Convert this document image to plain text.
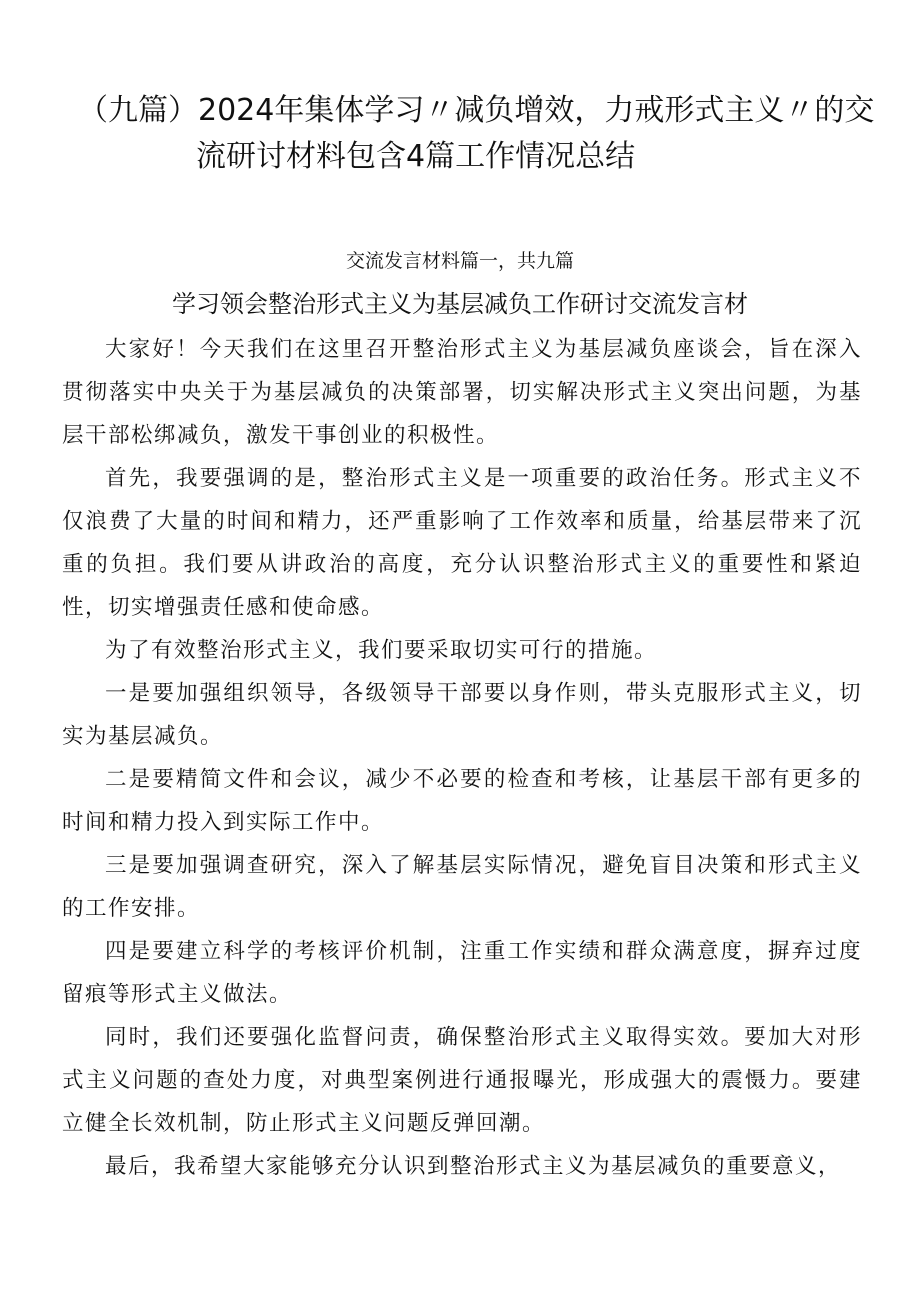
（九篇）2024年集体学习〃减负增效，力戒形式主义〃的交
流研讨材料包含4篇工作情况总结
交流发言材料篇一，共九篇
学习领会整治形式主义为基层减负工作研讨交流发言材

大家好！今天我们在这里召开整治形式主义为基层减负座谈会，旨在深入贯彻落实中央关于为基层减负的决策部署，切实解决形式主义突出问题，为基层干部松绑减负，激发干事创业的积极性。

首先，我要强调的是，整治形式主义是一项重要的政治任务。形式主义不仅浪费了大量的时间和精力，还严重影响了工作效率和质量，给基层带来了沉重的负担。我们要从讲政治的高度，充分认识整治形式主义的重要性和紧迫性，切实增强责任感和使命感。

为了有效整治形式主义，我们要采取切实可行的措施。

一是要加强组织领导，各级领导干部要以身作则，带头克服形式主义，切实为基层减负。

二是要精简文件和会议，减少不必要的检查和考核，让基层干部有更多的时间和精力投入到实际工作中。

三是要加强调查研究，深入了解基层实际情况，避免盲目决策和形式主义的工作安排。

四是要建立科学的考核评价机制，注重工作实绩和群众满意度，摒弃过度留痕等形式主义做法。

同时，我们还要强化监督问责，确保整治形式主义取得实效。要加大对形式主义问题的查处力度，对典型案例进行通报曝光，形成强大的震慑力。要建立健全长效机制，防止形式主义问题反弹回潮。

最后，我希望大家能够充分认识到整治形式主义为基层减负的重要意义，
